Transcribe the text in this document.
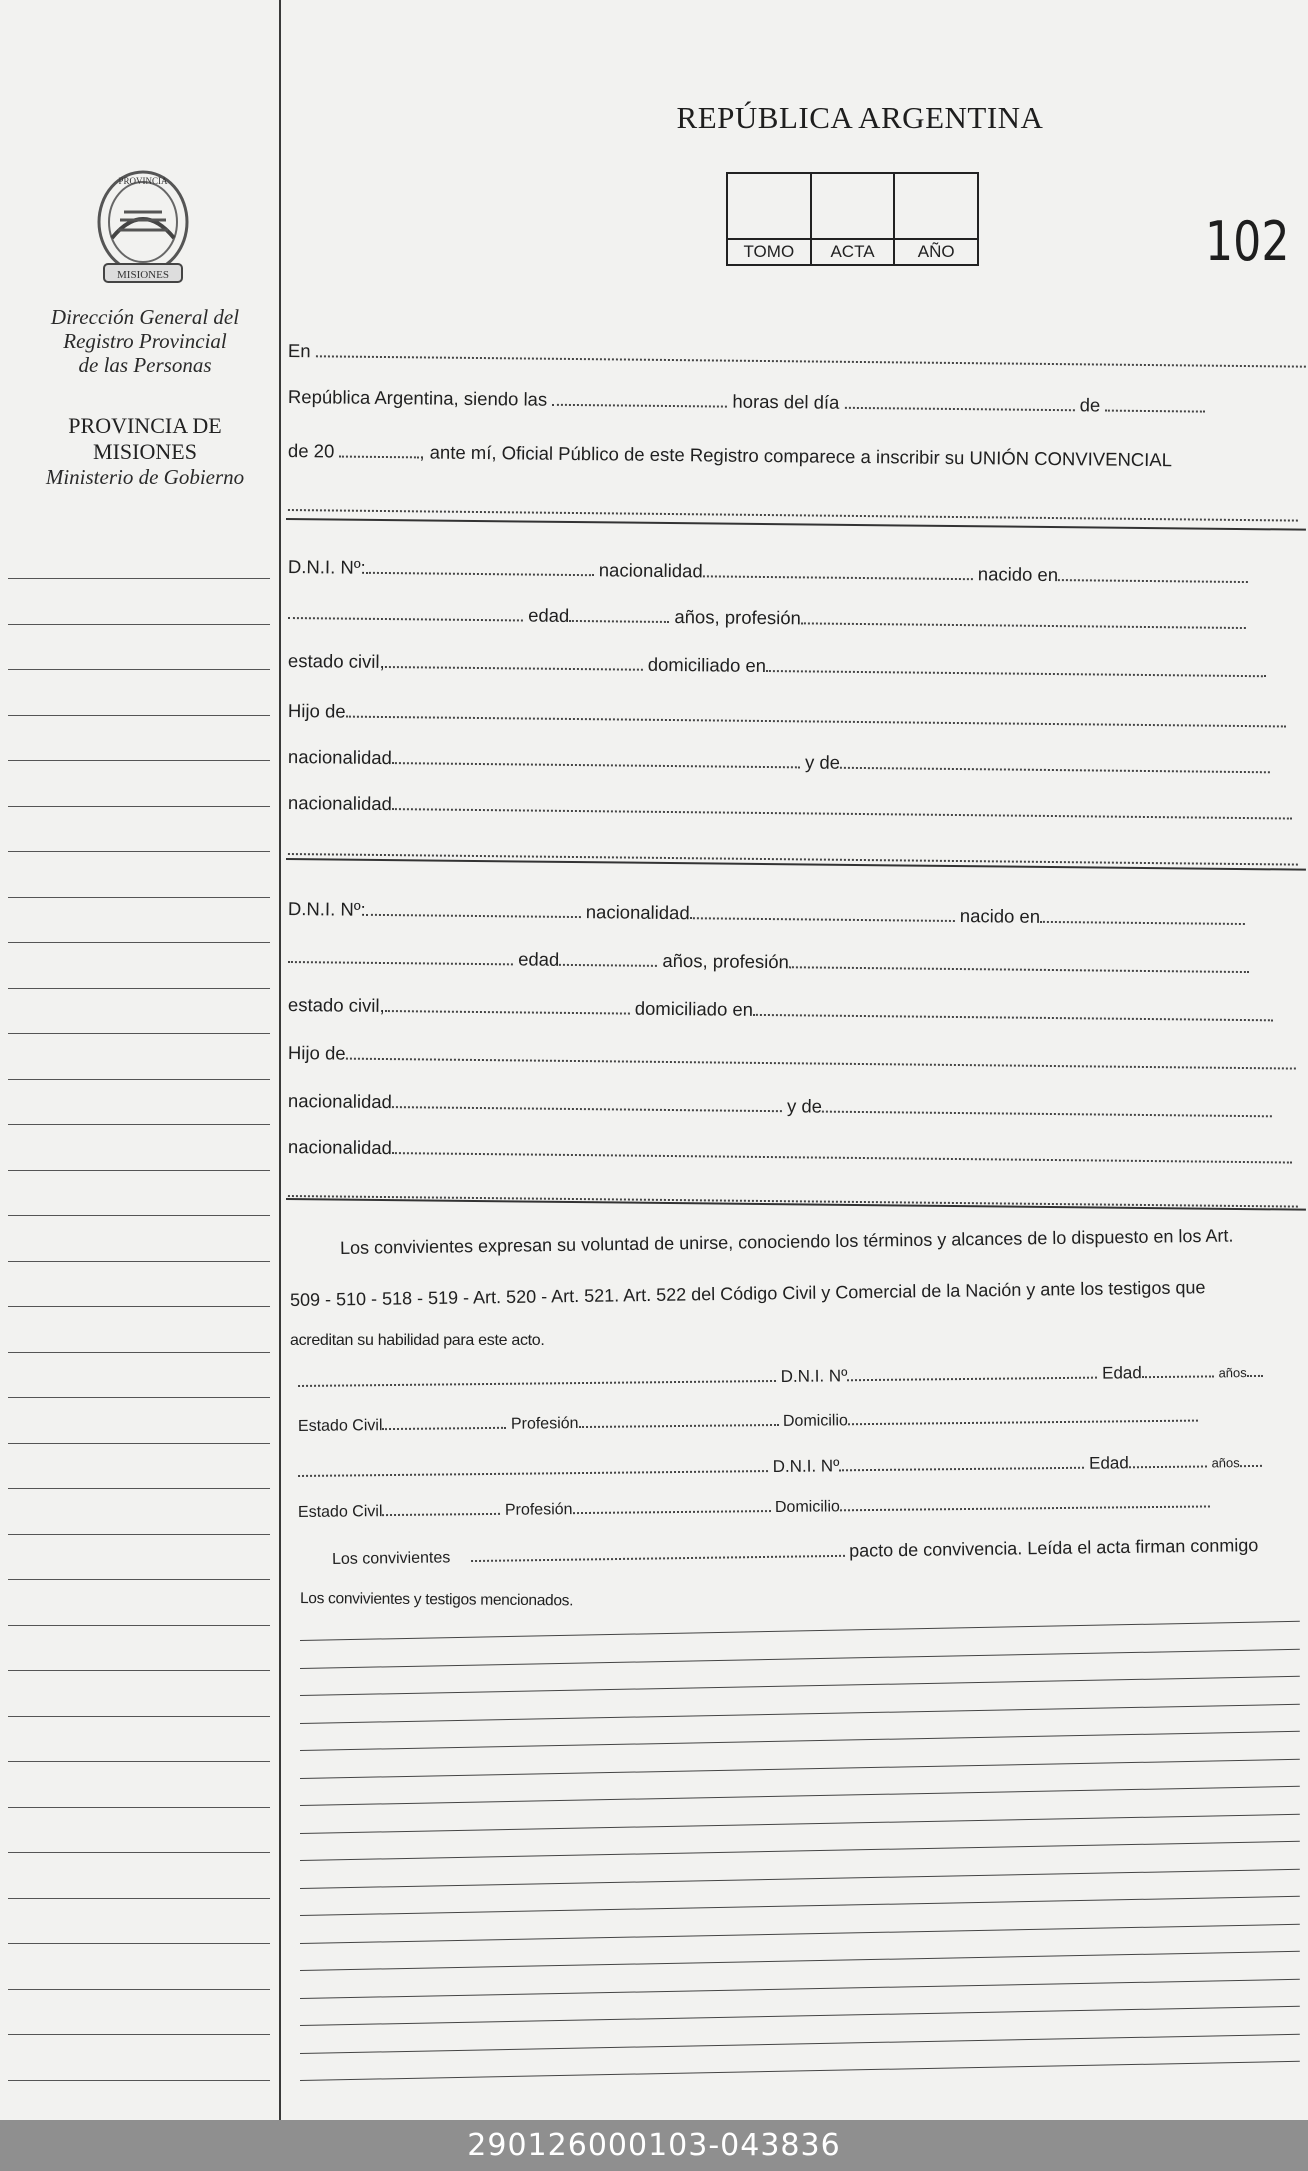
MISIONES
PROVINCIA
Dirección General del
Registro Provincial
de las Personas
PROVINCIA DE
MISIONES
Ministerio de Gobierno
REPÚBLICA ARGENTINA
TOMO	ACTA	AÑO	102
En
República Argentina, siendo las	horas del día	de
de 20	, ante mí, Oficial Público de este Registro comparece a inscribir su UNIÓN CONVIVENCIAL
D.N.I. Nº:	nacionalidad	nacido en
edad	años, profesión
estado civil,	domiciliado en
Hijo de
nacionalidad	y de
nacionalidad
D.N.I. Nº:	nacionalidad	nacido en
edad	años, profesión
estado civil,	domiciliado en
Hijo de
nacionalidad	y de
nacionalidad
Los convivientes expresan su voluntad de unirse, conociendo los términos y alcances de lo dispuesto en los Art.
509 - 510 - 518 - 519 - Art. 520 - Art. 521. Art. 522 del Código Civil y Comercial de la Nación y ante los testigos que
acreditan su habilidad para este acto.
D.N.I. Nº	Edad	años
Estado Civil	Profesión	Domicilio
D.N.I. Nº	Edad	años
Estado Civil	Profesión	Domicilio
Los convivientes	pacto de convivencia. Leída el acta firman conmigo
Los convivientes y testigos mencionados.
290126000103-043836
